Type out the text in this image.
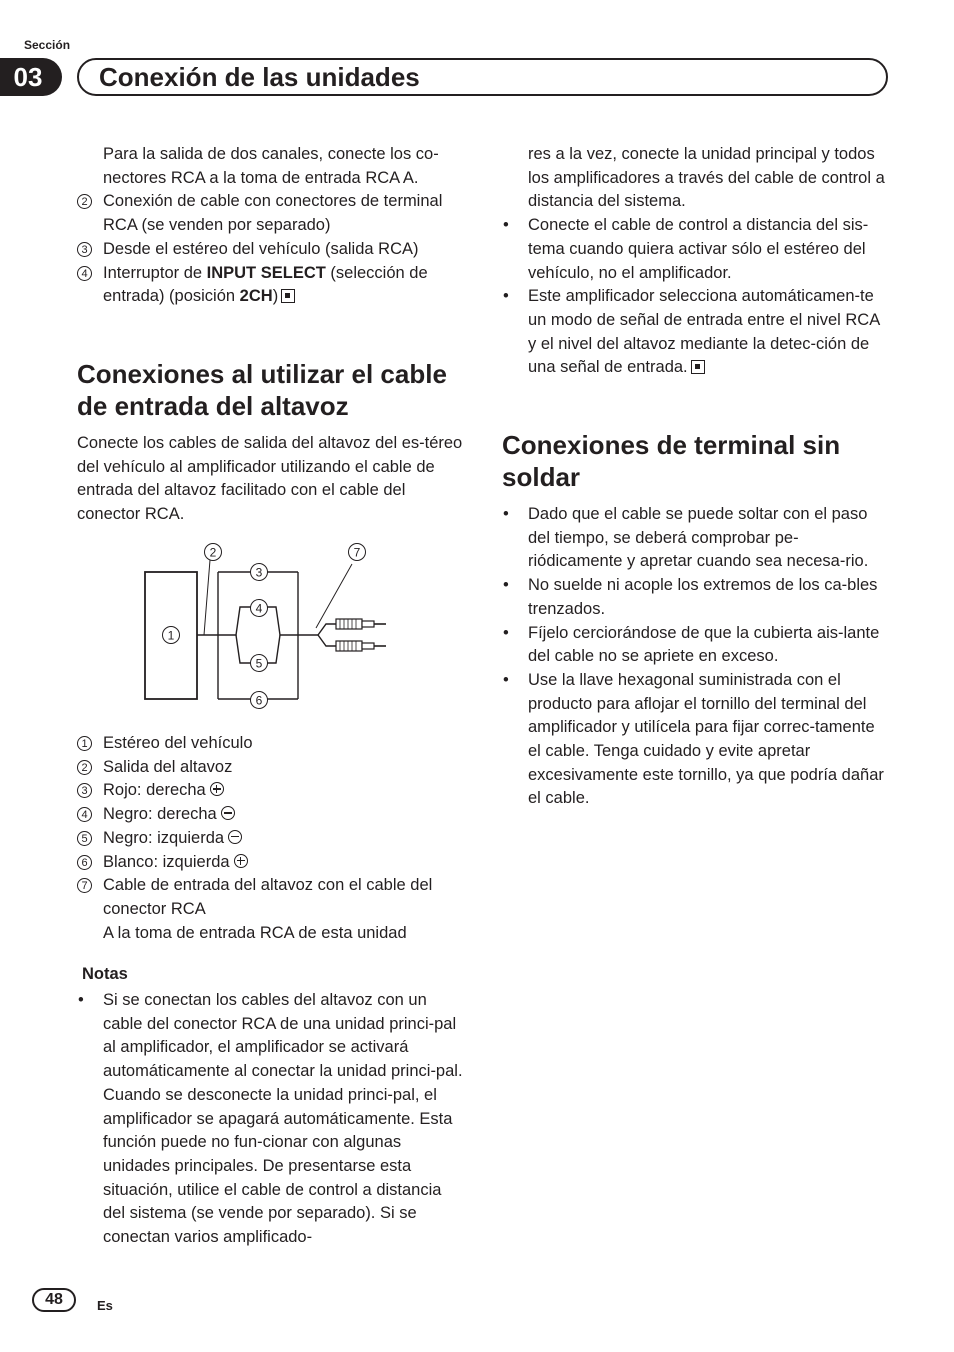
Sección
03	Conexión de las unidades

Para la salida de dos canales, conecte los co-nectores RCA a la toma de entrada RCA A.

2 Conexión de cable con conectores de terminal RCA (se venden por separado)
3 Desde el estéreo del vehículo (salida RCA)
4 Interruptor de INPUT SELECT (selección de entrada) (posición 2CH)
Conexiones al utilizar el cable de entrada del altavoz

Conecte los cables de salida del altavoz del es-téreo del vehículo al amplificador utilizando el cable de entrada del altavoz facilitado con el cable del conector RCA.

1
2
3
4
5
6
7
1 Estéreo del vehículo
2 Salida del altavoz
3 Rojo: derecha
4 Negro: derecha
5 Negro: izquierda
6 Blanco: izquierda
7 Cable de entrada del altavoz con el cable del conector RCA

A la toma de entrada RCA de esta unidad

Notas
• Si se conectan los cables del altavoz con un cable del conector RCA de una unidad princi-pal al amplificador, el amplificador se activará automáticamente al conectar la unidad princi-pal. Cuando se desconecte la unidad princi-pal, el amplificador se apagará automáticamente. Esta función puede no fun-cionar con algunas unidades principales. De presentarse esta situación, utilice el cable de control a distancia del sistema (se vende por separado). Si se conectan varios amplificado-

res a la vez, conecte la unidad principal y todos los amplificadores a través del cable de control a distancia del sistema.

• Conecte el cable de control a distancia del sis-tema cuando quiera activar sólo el estéreo del vehículo, no el amplificador.
• Este amplificador selecciona automáticamen-te un modo de señal de entrada entre el nivel RCA y el nivel del altavoz mediante la detec-ción de una señal de entrada.
Conexiones de terminal sin soldar
• Dado que el cable se puede soltar con el paso del tiempo, se deberá comprobar pe-riódicamente y apretar cuando sea necesa-rio.
• No suelde ni acople los extremos de los ca-bles trenzados.
• Fíjelo cerciorándose de que la cubierta ais-lante del cable no se apriete en exceso.
• Use la llave hexagonal suministrada con el producto para aflojar el tornillo del terminal del amplificador y utilícela para fijar correc-tamente el cable. Tenga cuidado y evite apretar excesivamente este tornillo, ya que podría dañar el cable.
48	Es
